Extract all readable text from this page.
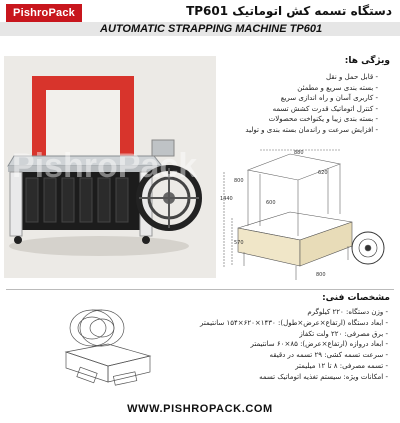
PishroPack	دستگاه تسمه کش اتوماتیک TP601
AUTOMATIC STRAPPING MACHINE TP601
ویژگی ها:
- قابل حمل و نقل
- بسته بندی سریع و مطمئن
- کاربری آسان و راه اندازی سریع
- کنترل اتوماتیک قدرت کشش تسمه
- بسته بندی زیبا و یکنواخت محصولات
- افزایش سرعت و راندمان بسته بندی و تولید
PishroPack	880
620
1440
800
600
570
800
مشخصات فنی:
- وزن دستگاه: ۲۲۰ کیلوگرم
- ابعاد دستگاه (ارتفاع×عرض×طول): ۱۴۳۰×۶۲۰×۱۵۴ سانتیمتر
- برق مصرفی: ۲۲۰ ولت تکفاز
- ابعاد دروازه (ارتفاع×عرض): ۸۵×۶۰ سانتیمتر
- سرعت تسمه کشی: ۲۹ تسمه در دقیقه
- تسمه مصرفی: ۸ تا ۱۲ میلیمتر
- امکانات ویژه: سیستم تغذیه اتوماتیک تسمه
WWW.PISHROPACK.COM
